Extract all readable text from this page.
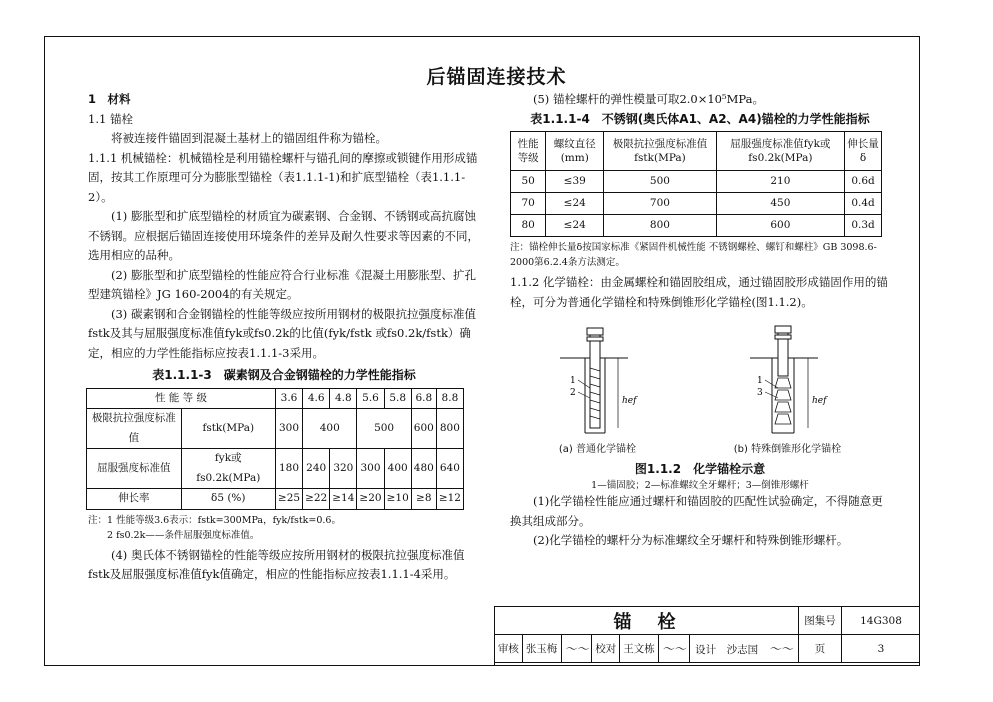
后锚固连接技术

1　材料

1.1 锚栓

将被连接件锚固到混凝土基材上的锚固组件称为锚栓。

1.1.1 机械锚栓：机械锚栓是利用锚栓螺杆与锚孔间的摩擦或锁键作用形成锚固，按其工作原理可分为膨胀型锚栓（表1.1.1-1)和扩底型锚栓（表1.1.1-2）。

(1) 膨胀型和扩底型锚栓的材质宜为碳素钢、合金钢、不锈钢或高抗腐蚀不锈钢。应根据后锚固连接使用环境条件的差异及耐久性要求等因素的不同，选用相应的品种。

(2) 膨胀型和扩底型锚栓的性能应符合行业标准《混凝土用膨胀型、扩孔型建筑锚栓》JG 160-2004的有关规定。

(3) 碳素钢和合金钢锚栓的性能等级应按所用钢材的极限抗拉强度标准值fstk及其与屈服强度标准值fyk或fs0.2k的比值(fyk/fstk 或fs0.2k/fstk）确定，相应的力学性能指标应按表1.1.1-3采用。

表1.1.1-3　碳素钢及合金钢锚栓的力学性能指标
性 能 等 级		3.6	4.6	4.8	5.6	5.8	6.8	8.8
极限抗拉强度标准值	fstk(MPa)	300	400		500		600	800
屈服强度标准值	fyk或fs0.2k(MPa)	180	240	320	300	400	480	640
伸长率	δ5 (%)	≥25	≥22	≥14	≥20	≥10	≥8	≥12
注：1 性能等级3.6表示：fstk=300MPa，fyk/fstk=0.6。
2 fs0.2k——条件屈服强度标准值。

(4) 奥氏体不锈钢锚栓的性能等级应按所用钢材的极限抗拉强度标准值fstk及屈服强度标准值fyk值确定，相应的性能指标应按表1.1.1-4采用。

(5) 锚栓螺杆的弹性模量可取2.0×10⁵MPa。

表1.1.1-4　不锈钢(奥氏体A1、A2、A4)锚栓的力学性能指标
性能等级	螺纹直径(mm)	极限抗拉强度标准值fstk(MPa)	屈服强度标准值fyk或fs0.2k(MPa)	伸长量δ
50	≤39	500	210	0.6d
70	≤24	700	450	0.4d
80	≤24	800	600	0.3d
注：锚栓伸长量δ按国家标准《紧固件机械性能 不锈钢螺栓、螺钉和螺柱》GB 3098.6-2000第6.2.4条方法测定。

1.1.2 化学锚栓：由金属螺栓和锚固胶组成，通过锚固胶形成锚固作用的锚栓，可分为普通化学锚栓和特殊倒锥形化学锚栓(图1.1.2)。

1
2
hef
1
3
hef
(a) 普通化学锚栓	(b) 特殊倒锥形化学锚栓
图1.1.2　化学锚栓示意
1—锚固胶；2—标准螺纹全牙螺杆；3—倒锥形螺杆

(1)化学锚栓性能应通过螺杆和锚固胶的匹配性试验确定，不得随意更换其组成部分。

(2)化学锚栓的螺杆分为标准螺纹全牙螺杆和特殊倒锥形螺杆。

锚　栓							图集号	14G308
审核	张玉梅	～～	校对	王文栋	～～	设计　 沙志国　 ～～	页	3
